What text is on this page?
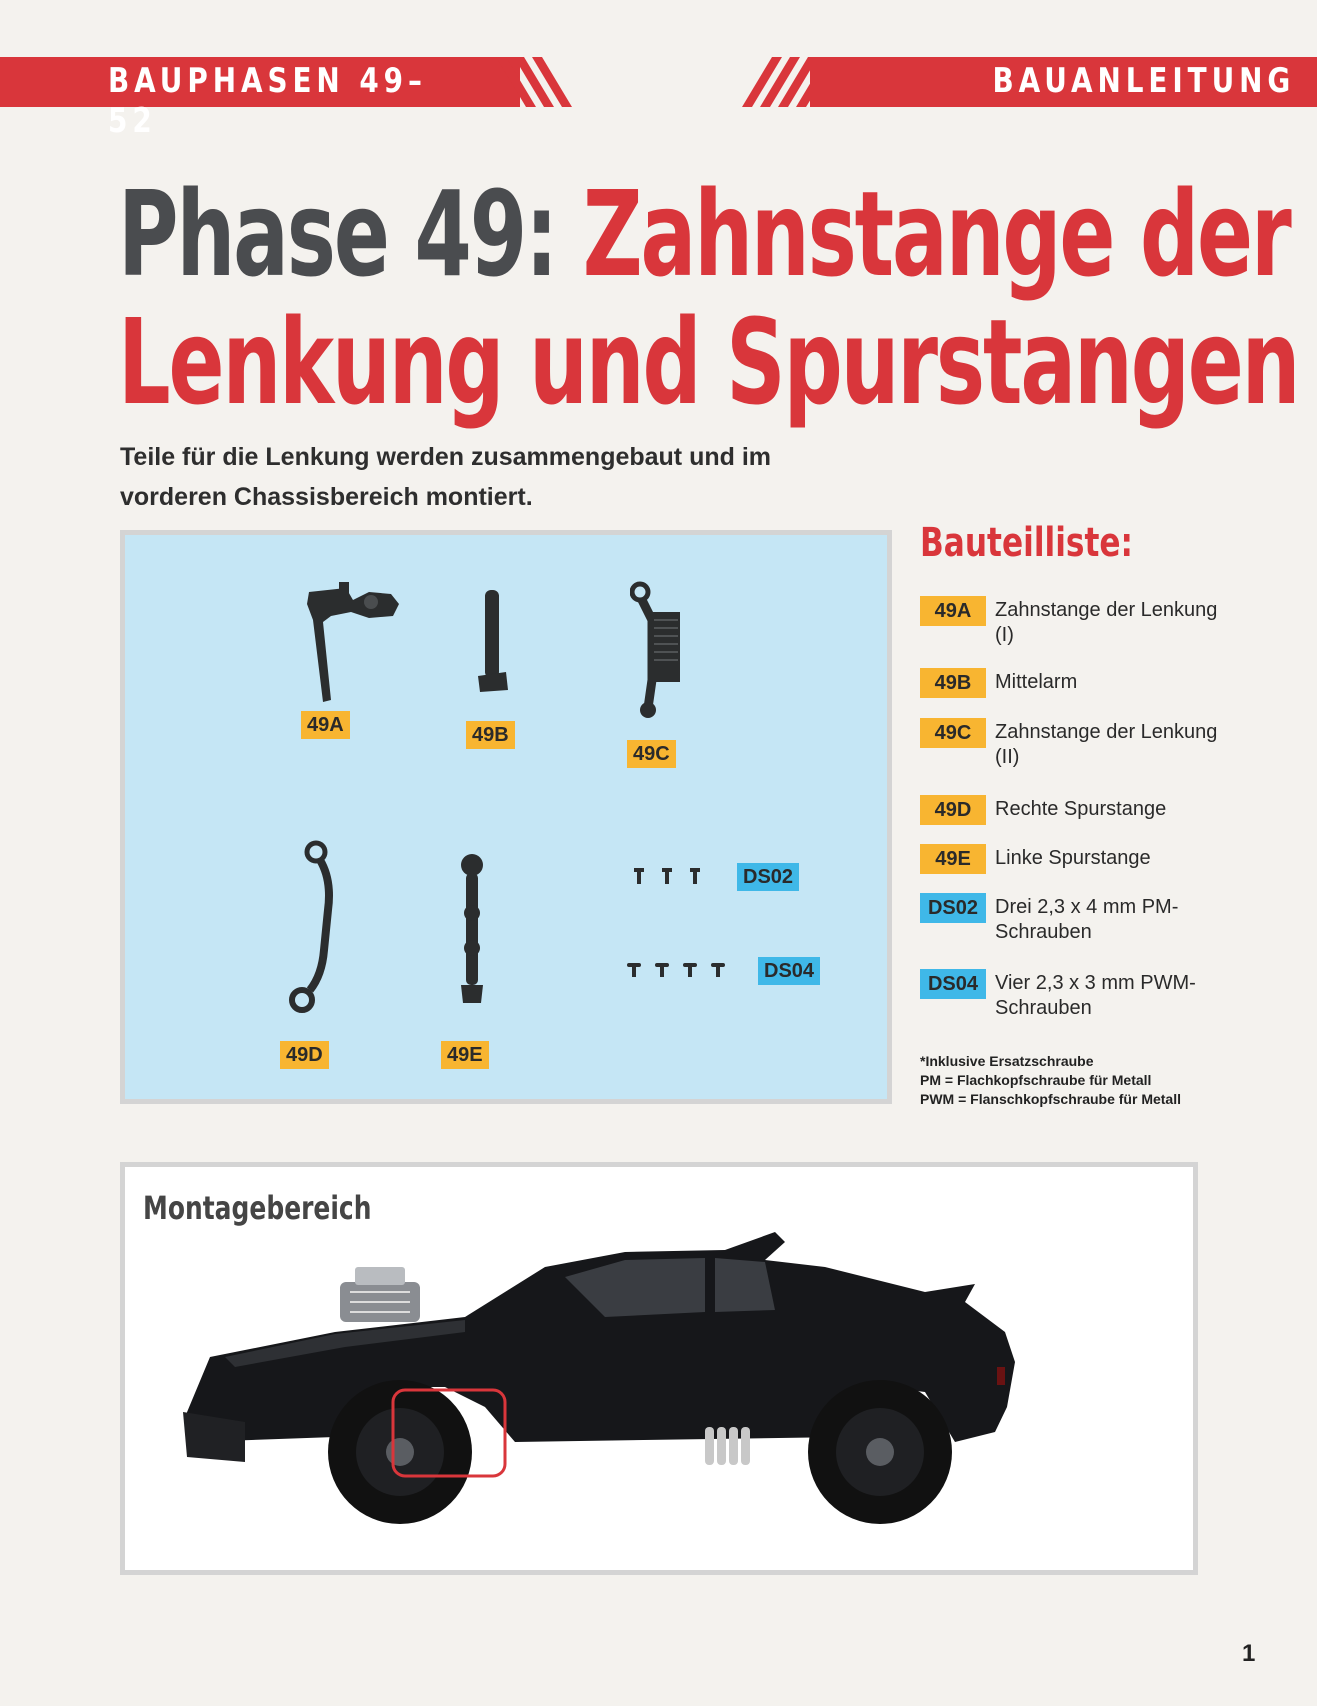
BAUPHASEN 49–52
BAUANLEITUNG
Phase 49: Zahnstange der
Lenkung und Spurstangen
Teile für die Lenkung werden zusammengebaut und im
vorderen Chassisbereich montiert.
49A	49B
49C
49D	49E
DS02
DS04
Bauteilliste:
49A	Zahnstange der Lenkung (I)
49B	Mittelarm
49C	Zahnstange der Lenkung (II)
49D	Rechte Spurstange
49E	Linke Spurstange
DS02 Drei 2,3 x 4 mm PM-Schrauben
DS04 Vier 2,3 x 3 mm PWM-Schrauben
*Inklusive Ersatzschraube
PM = Flachkopfschraube für Metall
PWM = Flanschkopfschraube für Metall
Montagebereich
1
